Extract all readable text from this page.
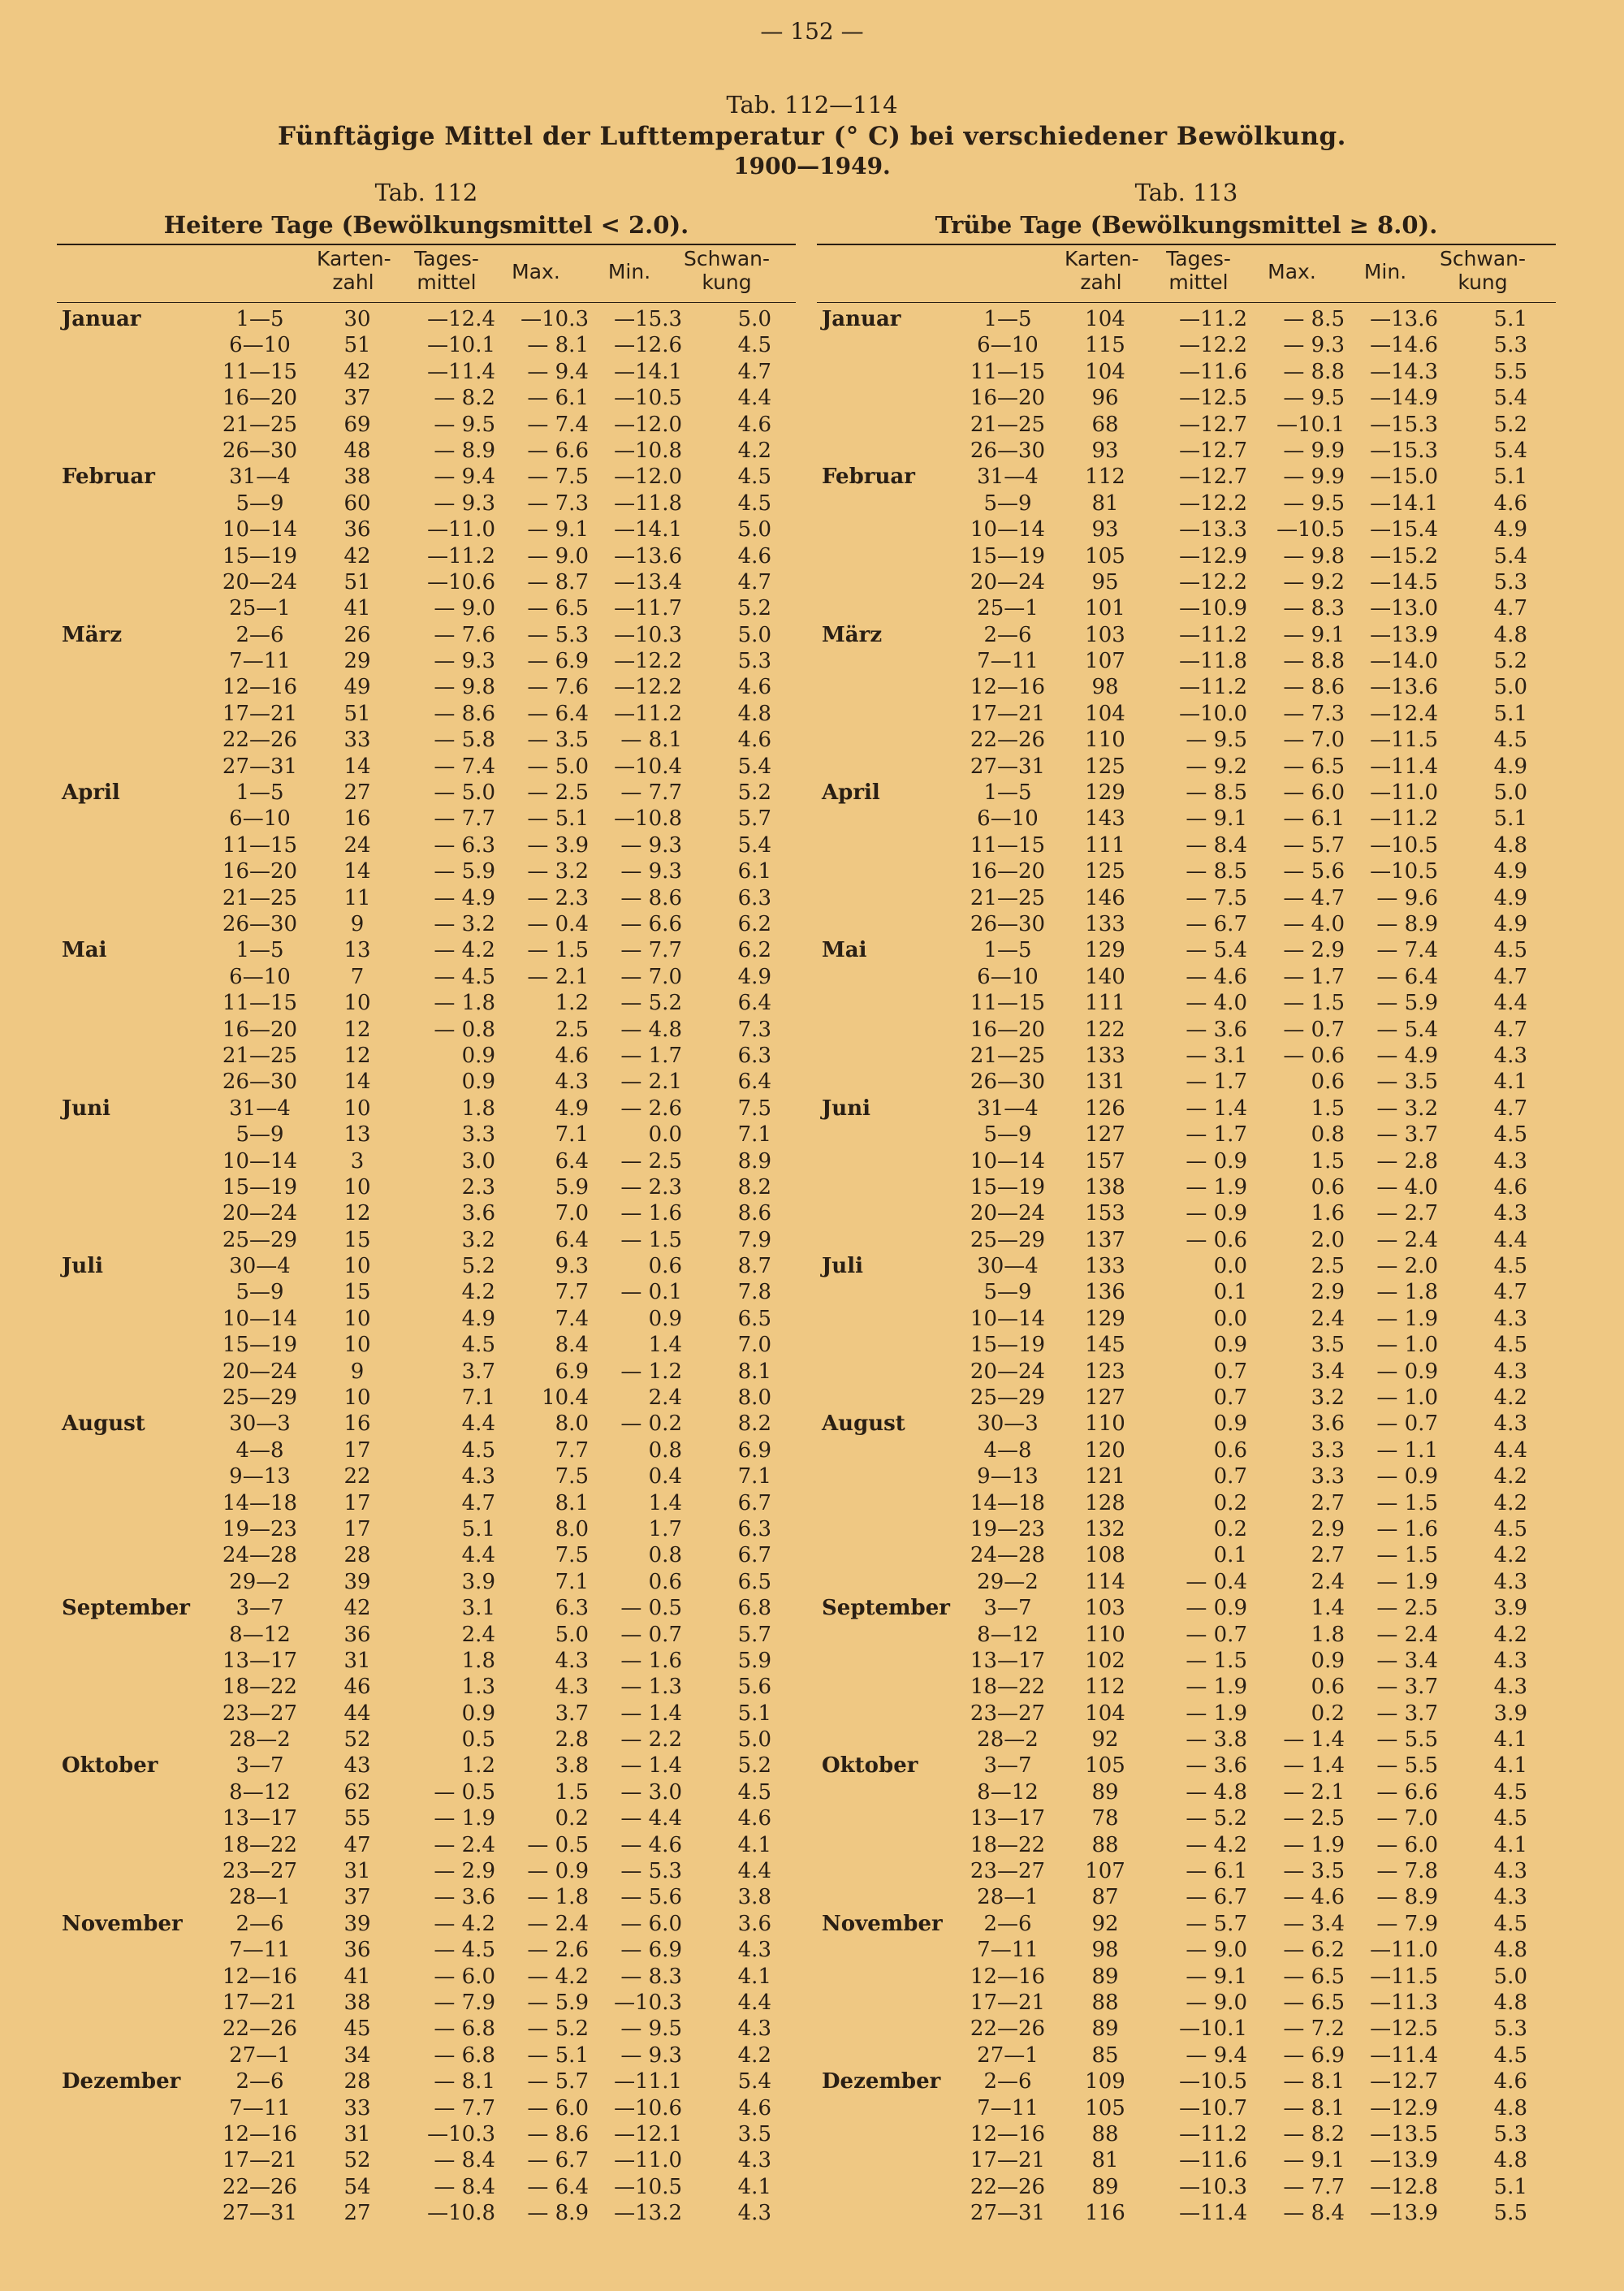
— 152 —
Tab. 112—114
Fünftägige Mittel der Lufttemperatur (° C) bei verschiedener Bewölkung.
1900—1949.
Tab. 112
Heitere Tage (Bewölkungsmittel < 2.0).
Karten-
zahl
Tages-
mittel	Max.	Min.
Schwan-
kung
Januar	1—5	30	—12.4	—10.3	—15.3	5.0
6—10	51	—10.1	— 8.1	—12.6	4.5
11—15	42	—11.4	— 9.4	—14.1	4.7
16—20	37	— 8.2	— 6.1	—10.5	4.4
21—25	69	— 9.5	— 7.4	—12.0	4.6
26—30	48	— 8.9	— 6.6	—10.8	4.2
Februar	31—4	38	— 9.4	— 7.5	—12.0	4.5
5—9	60	— 9.3	— 7.3	—11.8	4.5
10—14	36	—11.0	— 9.1	—14.1	5.0
15—19	42	—11.2	— 9.0	—13.6	4.6
20—24	51	—10.6	— 8.7	—13.4	4.7
25—1	41	— 9.0	— 6.5	—11.7	5.2
März	2—6	26	— 7.6	— 5.3	—10.3	5.0
7—11	29	— 9.3	— 6.9	—12.2	5.3
12—16	49	— 9.8	— 7.6	—12.2	4.6
17—21	51	— 8.6	— 6.4	—11.2	4.8
22—26	33	— 5.8	— 3.5	— 8.1	4.6
27—31	14	— 7.4	— 5.0	—10.4	5.4
April	1—5	27	— 5.0	— 2.5	— 7.7	5.2
6—10	16	— 7.7	— 5.1	—10.8	5.7
11—15	24	— 6.3	— 3.9	— 9.3	5.4
16—20	14	— 5.9	— 3.2	— 9.3	6.1
21—25	11	— 4.9	— 2.3	— 8.6	6.3
26—30	9	— 3.2	— 0.4	— 6.6	6.2
Mai	1—5	13	— 4.2	— 1.5	— 7.7	6.2
6—10	7	— 4.5	— 2.1	— 7.0	4.9
11—15	10	— 1.8	1.2	— 5.2	6.4
16—20	12	— 0.8	2.5	— 4.8	7.3
21—25	12	0.9	4.6	— 1.7	6.3
26—30	14	0.9	4.3	— 2.1	6.4
Juni	31—4	10	1.8	4.9	— 2.6	7.5
5—9	13	3.3	7.1	0.0	7.1
10—14	3	3.0	6.4	— 2.5	8.9
15—19	10	2.3	5.9	— 2.3	8.2
20—24	12	3.6	7.0	— 1.6	8.6
25—29	15	3.2	6.4	— 1.5	7.9
Juli	30—4	10	5.2	9.3	0.6	8.7
5—9	15	4.2	7.7	— 0.1	7.8
10—14	10	4.9	7.4	0.9	6.5
15—19	10	4.5	8.4	1.4	7.0
20—24	9	3.7	6.9	— 1.2	8.1
25—29	10	7.1	10.4	2.4	8.0
August	30—3	16	4.4	8.0	— 0.2	8.2
4—8	17	4.5	7.7	0.8	6.9
9—13	22	4.3	7.5	0.4	7.1
14—18	17	4.7	8.1	1.4	6.7
19—23	17	5.1	8.0	1.7	6.3
24—28	28	4.4	7.5	0.8	6.7
29—2	39	3.9	7.1	0.6	6.5
September	3—7	42	3.1	6.3	— 0.5	6.8
8—12	36	2.4	5.0	— 0.7	5.7
13—17	31	1.8	4.3	— 1.6	5.9
18—22	46	1.3	4.3	— 1.3	5.6
23—27	44	0.9	3.7	— 1.4	5.1
28—2	52	0.5	2.8	— 2.2	5.0
Oktober	3—7	43	1.2	3.8	— 1.4	5.2
8—12	62	— 0.5	1.5	— 3.0	4.5
13—17	55	— 1.9	0.2	— 4.4	4.6
18—22	47	— 2.4	— 0.5	— 4.6	4.1
23—27	31	— 2.9	— 0.9	— 5.3	4.4
28—1	37	— 3.6	— 1.8	— 5.6	3.8
November	2—6	39	— 4.2	— 2.4	— 6.0	3.6
7—11	36	— 4.5	— 2.6	— 6.9	4.3
12—16	41	— 6.0	— 4.2	— 8.3	4.1
17—21	38	— 7.9	— 5.9	—10.3	4.4
22—26	45	— 6.8	— 5.2	— 9.5	4.3
27—1	34	— 6.8	— 5.1	— 9.3	4.2
Dezember	2—6	28	— 8.1	— 5.7	—11.1	5.4
7—11	33	— 7.7	— 6.0	—10.6	4.6
12—16	31	—10.3	— 8.6	—12.1	3.5
17—21	52	— 8.4	— 6.7	—11.0	4.3
22—26	54	— 8.4	— 6.4	—10.5	4.1
27—31	27	—10.8	— 8.9	—13.2	4.3
Tab. 113
Trübe Tage (Bewölkungsmittel ≥ 8.0).
Karten-
zahl
Tages-
mittel	Max.	Min.
Schwan-
kung
Januar	1—5	104	—11.2	— 8.5	—13.6	5.1
6—10	115	—12.2	— 9.3	—14.6	5.3
11—15	104	—11.6	— 8.8	—14.3	5.5
16—20	96	—12.5	— 9.5	—14.9	5.4
21—25	68	—12.7	—10.1	—15.3	5.2
26—30	93	—12.7	— 9.9	—15.3	5.4
Februar	31—4	112	—12.7	— 9.9	—15.0	5.1
5—9	81	—12.2	— 9.5	—14.1	4.6
10—14	93	—13.3	—10.5	—15.4	4.9
15—19	105	—12.9	— 9.8	—15.2	5.4
20—24	95	—12.2	— 9.2	—14.5	5.3
25—1	101	—10.9	— 8.3	—13.0	4.7
März	2—6	103	—11.2	— 9.1	—13.9	4.8
7—11	107	—11.8	— 8.8	—14.0	5.2
12—16	98	—11.2	— 8.6	—13.6	5.0
17—21	104	—10.0	— 7.3	—12.4	5.1
22—26	110	— 9.5	— 7.0	—11.5	4.5
27—31	125	— 9.2	— 6.5	—11.4	4.9
April	1—5	129	— 8.5	— 6.0	—11.0	5.0
6—10	143	— 9.1	— 6.1	—11.2	5.1
11—15	111	— 8.4	— 5.7	—10.5	4.8
16—20	125	— 8.5	— 5.6	—10.5	4.9
21—25	146	— 7.5	— 4.7	— 9.6	4.9
26—30	133	— 6.7	— 4.0	— 8.9	4.9
Mai	1—5	129	— 5.4	— 2.9	— 7.4	4.5
6—10	140	— 4.6	— 1.7	— 6.4	4.7
11—15	111	— 4.0	— 1.5	— 5.9	4.4
16—20	122	— 3.6	— 0.7	— 5.4	4.7
21—25	133	— 3.1	— 0.6	— 4.9	4.3
26—30	131	— 1.7	0.6	— 3.5	4.1
Juni	31—4	126	— 1.4	1.5	— 3.2	4.7
5—9	127	— 1.7	0.8	— 3.7	4.5
10—14	157	— 0.9	1.5	— 2.8	4.3
15—19	138	— 1.9	0.6	— 4.0	4.6
20—24	153	— 0.9	1.6	— 2.7	4.3
25—29	137	— 0.6	2.0	— 2.4	4.4
Juli	30—4	133	0.0	2.5	— 2.0	4.5
5—9	136	0.1	2.9	— 1.8	4.7
10—14	129	0.0	2.4	— 1.9	4.3
15—19	145	0.9	3.5	— 1.0	4.5
20—24	123	0.7	3.4	— 0.9	4.3
25—29	127	0.7	3.2	— 1.0	4.2
August	30—3	110	0.9	3.6	— 0.7	4.3
4—8	120	0.6	3.3	— 1.1	4.4
9—13	121	0.7	3.3	— 0.9	4.2
14—18	128	0.2	2.7	— 1.5	4.2
19—23	132	0.2	2.9	— 1.6	4.5
24—28	108	0.1	2.7	— 1.5	4.2
29—2	114	— 0.4	2.4	— 1.9	4.3
September	3—7	103	— 0.9	1.4	— 2.5	3.9
8—12	110	— 0.7	1.8	— 2.4	4.2
13—17	102	— 1.5	0.9	— 3.4	4.3
18—22	112	— 1.9	0.6	— 3.7	4.3
23—27	104	— 1.9	0.2	— 3.7	3.9
28—2	92	— 3.8	— 1.4	— 5.5	4.1
Oktober	3—7	105	— 3.6	— 1.4	— 5.5	4.1
8—12	89	— 4.8	— 2.1	— 6.6	4.5
13—17	78	— 5.2	— 2.5	— 7.0	4.5
18—22	88	— 4.2	— 1.9	— 6.0	4.1
23—27	107	— 6.1	— 3.5	— 7.8	4.3
28—1	87	— 6.7	— 4.6	— 8.9	4.3
November	2—6	92	— 5.7	— 3.4	— 7.9	4.5
7—11	98	— 9.0	— 6.2	—11.0	4.8
12—16	89	— 9.1	— 6.5	—11.5	5.0
17—21	88	— 9.0	— 6.5	—11.3	4.8
22—26	89	—10.1	— 7.2	—12.5	5.3
27—1	85	— 9.4	— 6.9	—11.4	4.5
Dezember	2—6	109	—10.5	— 8.1	—12.7	4.6
7—11	105	—10.7	— 8.1	—12.9	4.8
12—16	88	—11.2	— 8.2	—13.5	5.3
17—21	81	—11.6	— 9.1	—13.9	4.8
22—26	89	—10.3	— 7.7	—12.8	5.1
27—31	116	—11.4	— 8.4	—13.9	5.5
